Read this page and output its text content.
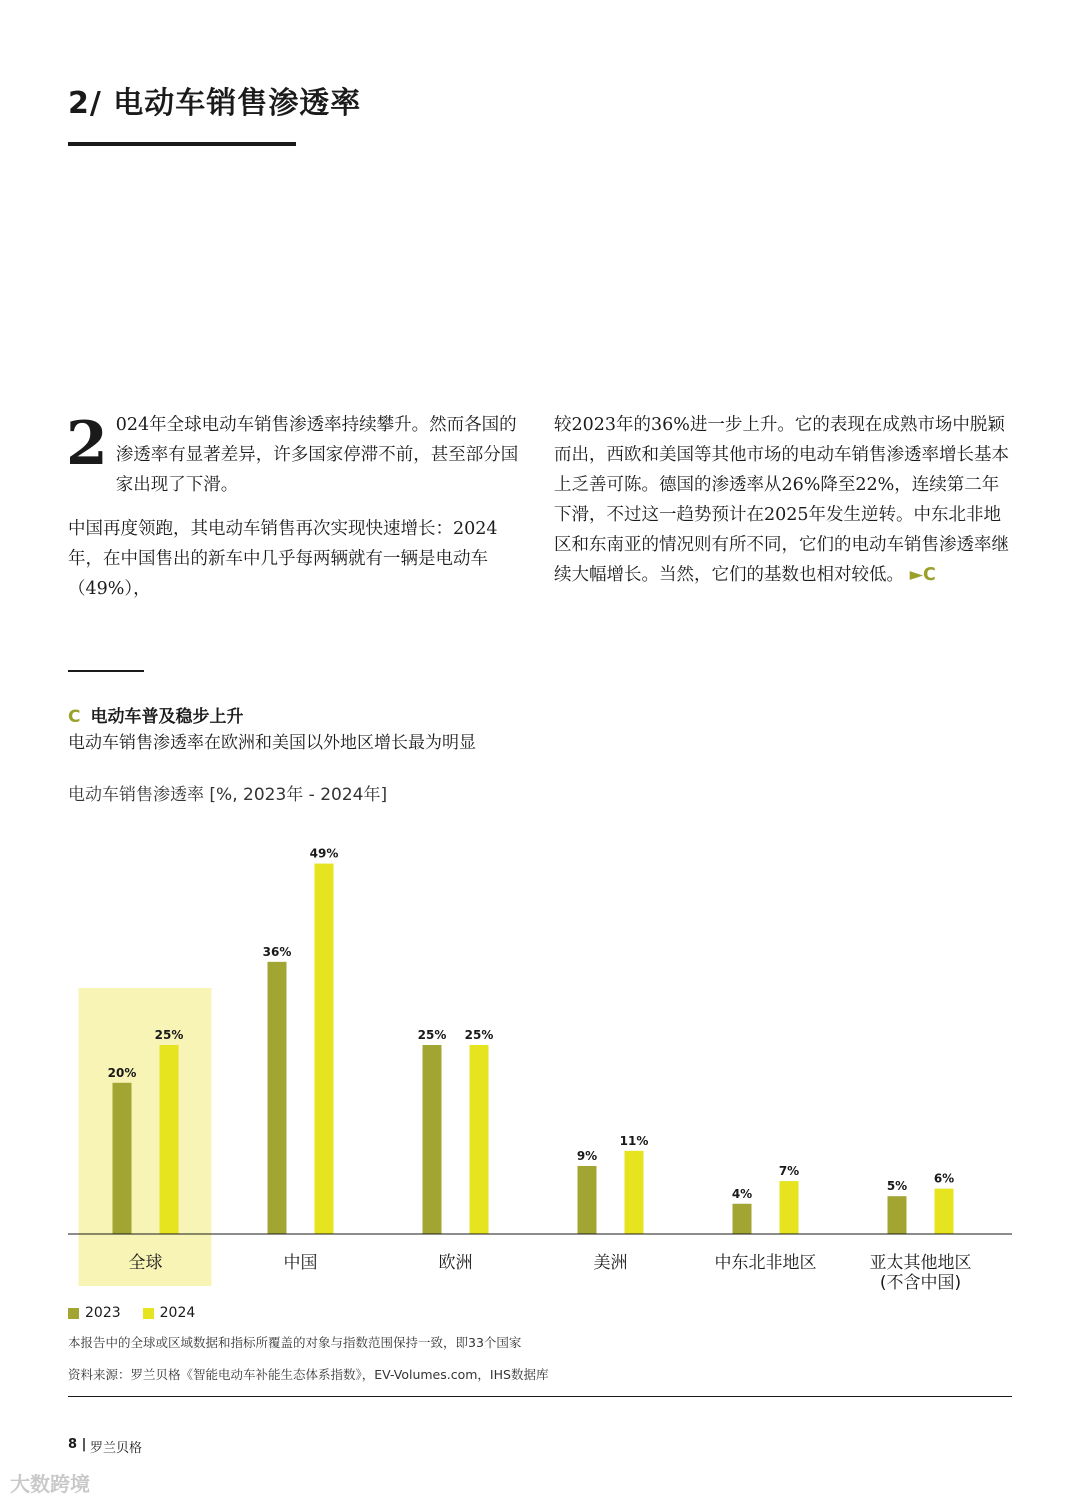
2/ 电动车销售渗透率

2 024年全球电动车销售渗透率持续攀升。然而各国的渗透率有显著差异，许多国家停滞不前，甚至部分国家出现了下滑。

中国再度领跑，其电动车销售再次实现快速增长：2024年，在中国售出的新车中几乎每两辆就有一辆是电动车（49%），

较2023年的36%进一步上升。它的表现在成熟市场中脱颖而出，西欧和美国等其他市场的电动车销售渗透率增长基本上乏善可陈。德国的渗透率从26%降至22%，连续第二年下滑，不过这一趋势预计在2025年发生逆转。中东北非地区和东南亚的情况则有所不同，它们的电动车销售渗透率继续大幅增长。当然，它们的基数也相对较低。 ►C

C 电动车普及稳步上升
电动车销售渗透率在欧洲和美国以外地区增长最为明显
电动车销售渗透率 [%, 2023年 - 2024年]
20%
25%
全球
36%
49%
中国
25% 25%
欧洲
9%
11%
美洲
4%
7%
中东北非地区
5%
6%
亚太其他地区
(不含中国)
2023	2024
本报告中的全球或区域数据和指标所覆盖的对象与指数范围保持一致，即33个国家
资料来源：罗兰贝格《智能电动车补能生态体系指数》，EV-Volumes.com，IHS数据库
8 | 罗兰贝格
大数跨境
